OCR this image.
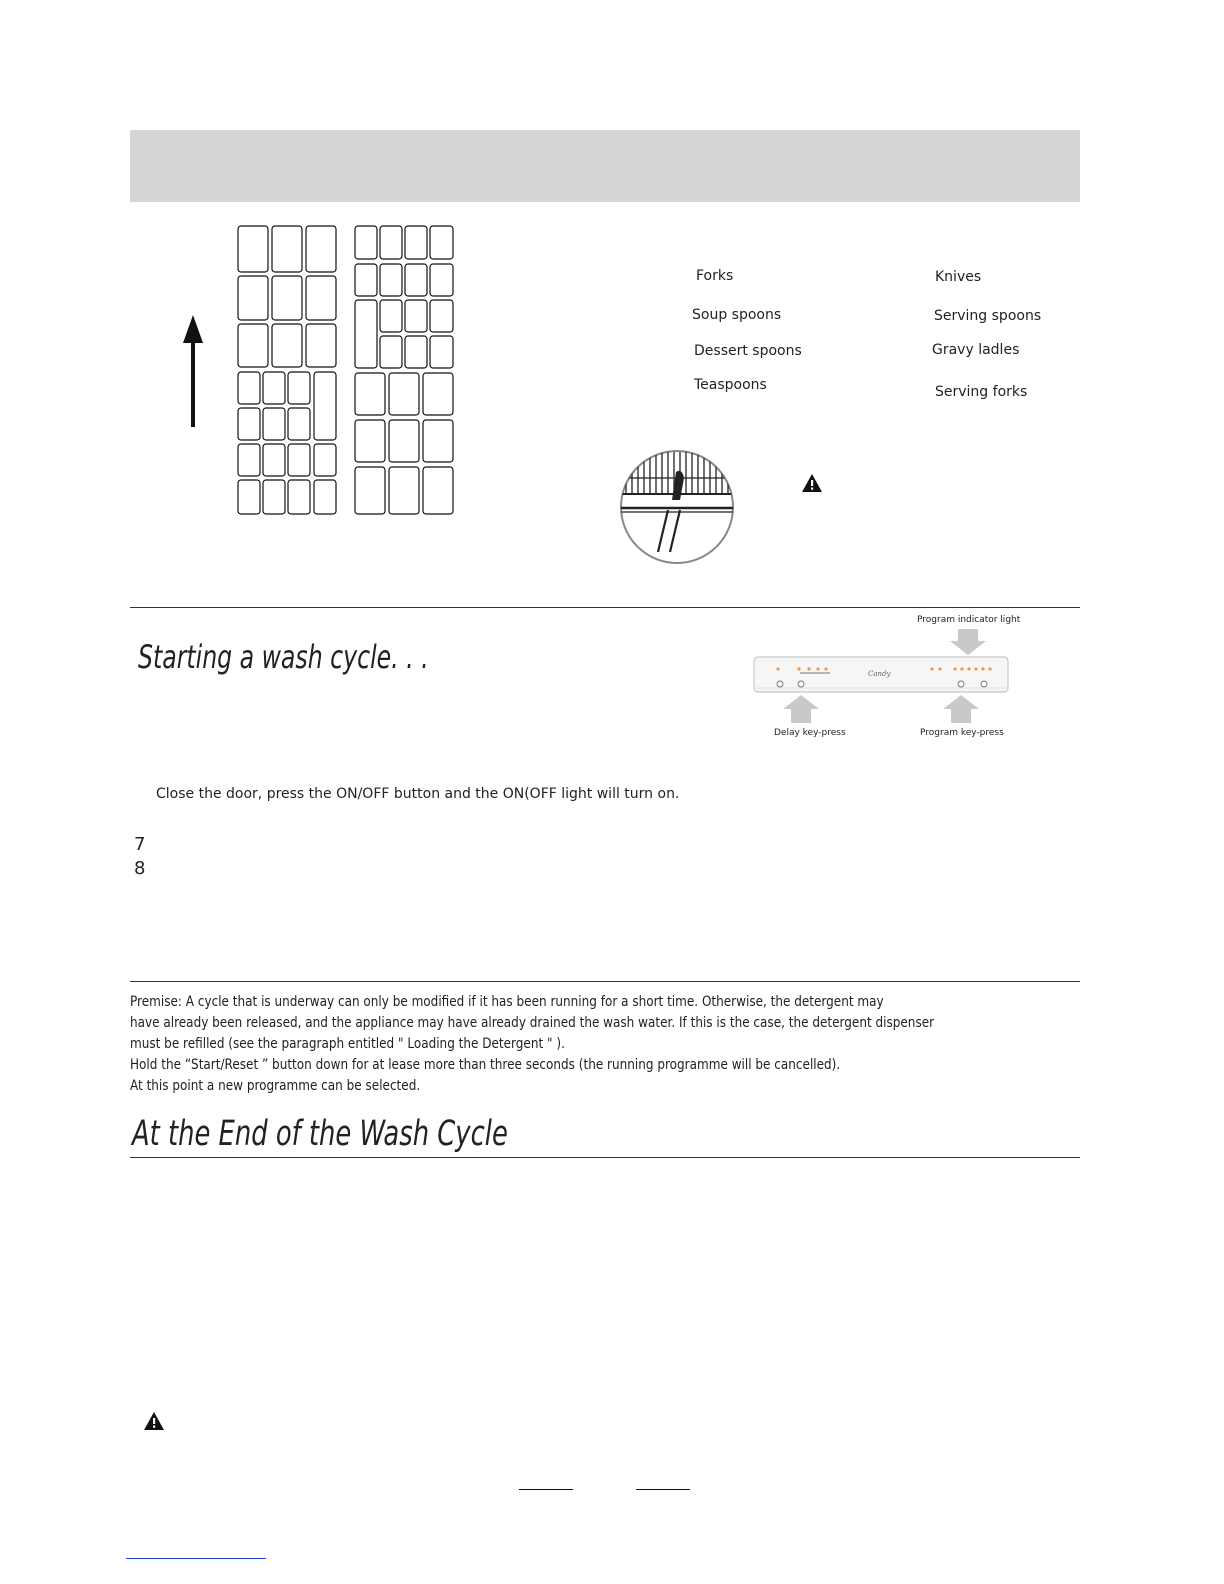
Forks
Soup spoons
Dessert spoons
Teaspoons
Knives
Serving spoons
Gravy ladles
Serving forks
Starting a wash cycle. . .
Program indicator light
Candy
Delay key-press	Program key-press
Close the door, press the ON/OFF button and the ON(OFF light will turn on.
7
8
Premise: A cycle that is underway can only be modified if it has been running for a short time. Otherwise, the detergent may
have already been released, and the appliance may have already drained the wash water. If this is the case, the detergent dispenser
must be refilled (see the paragraph entitled " Loading the Detergent " ).
Hold the “Start/Reset ” button down for at lease more than three seconds (the running programme will be cancelled).
At this point a new programme can be selected.
At the End of the Wash Cycle
